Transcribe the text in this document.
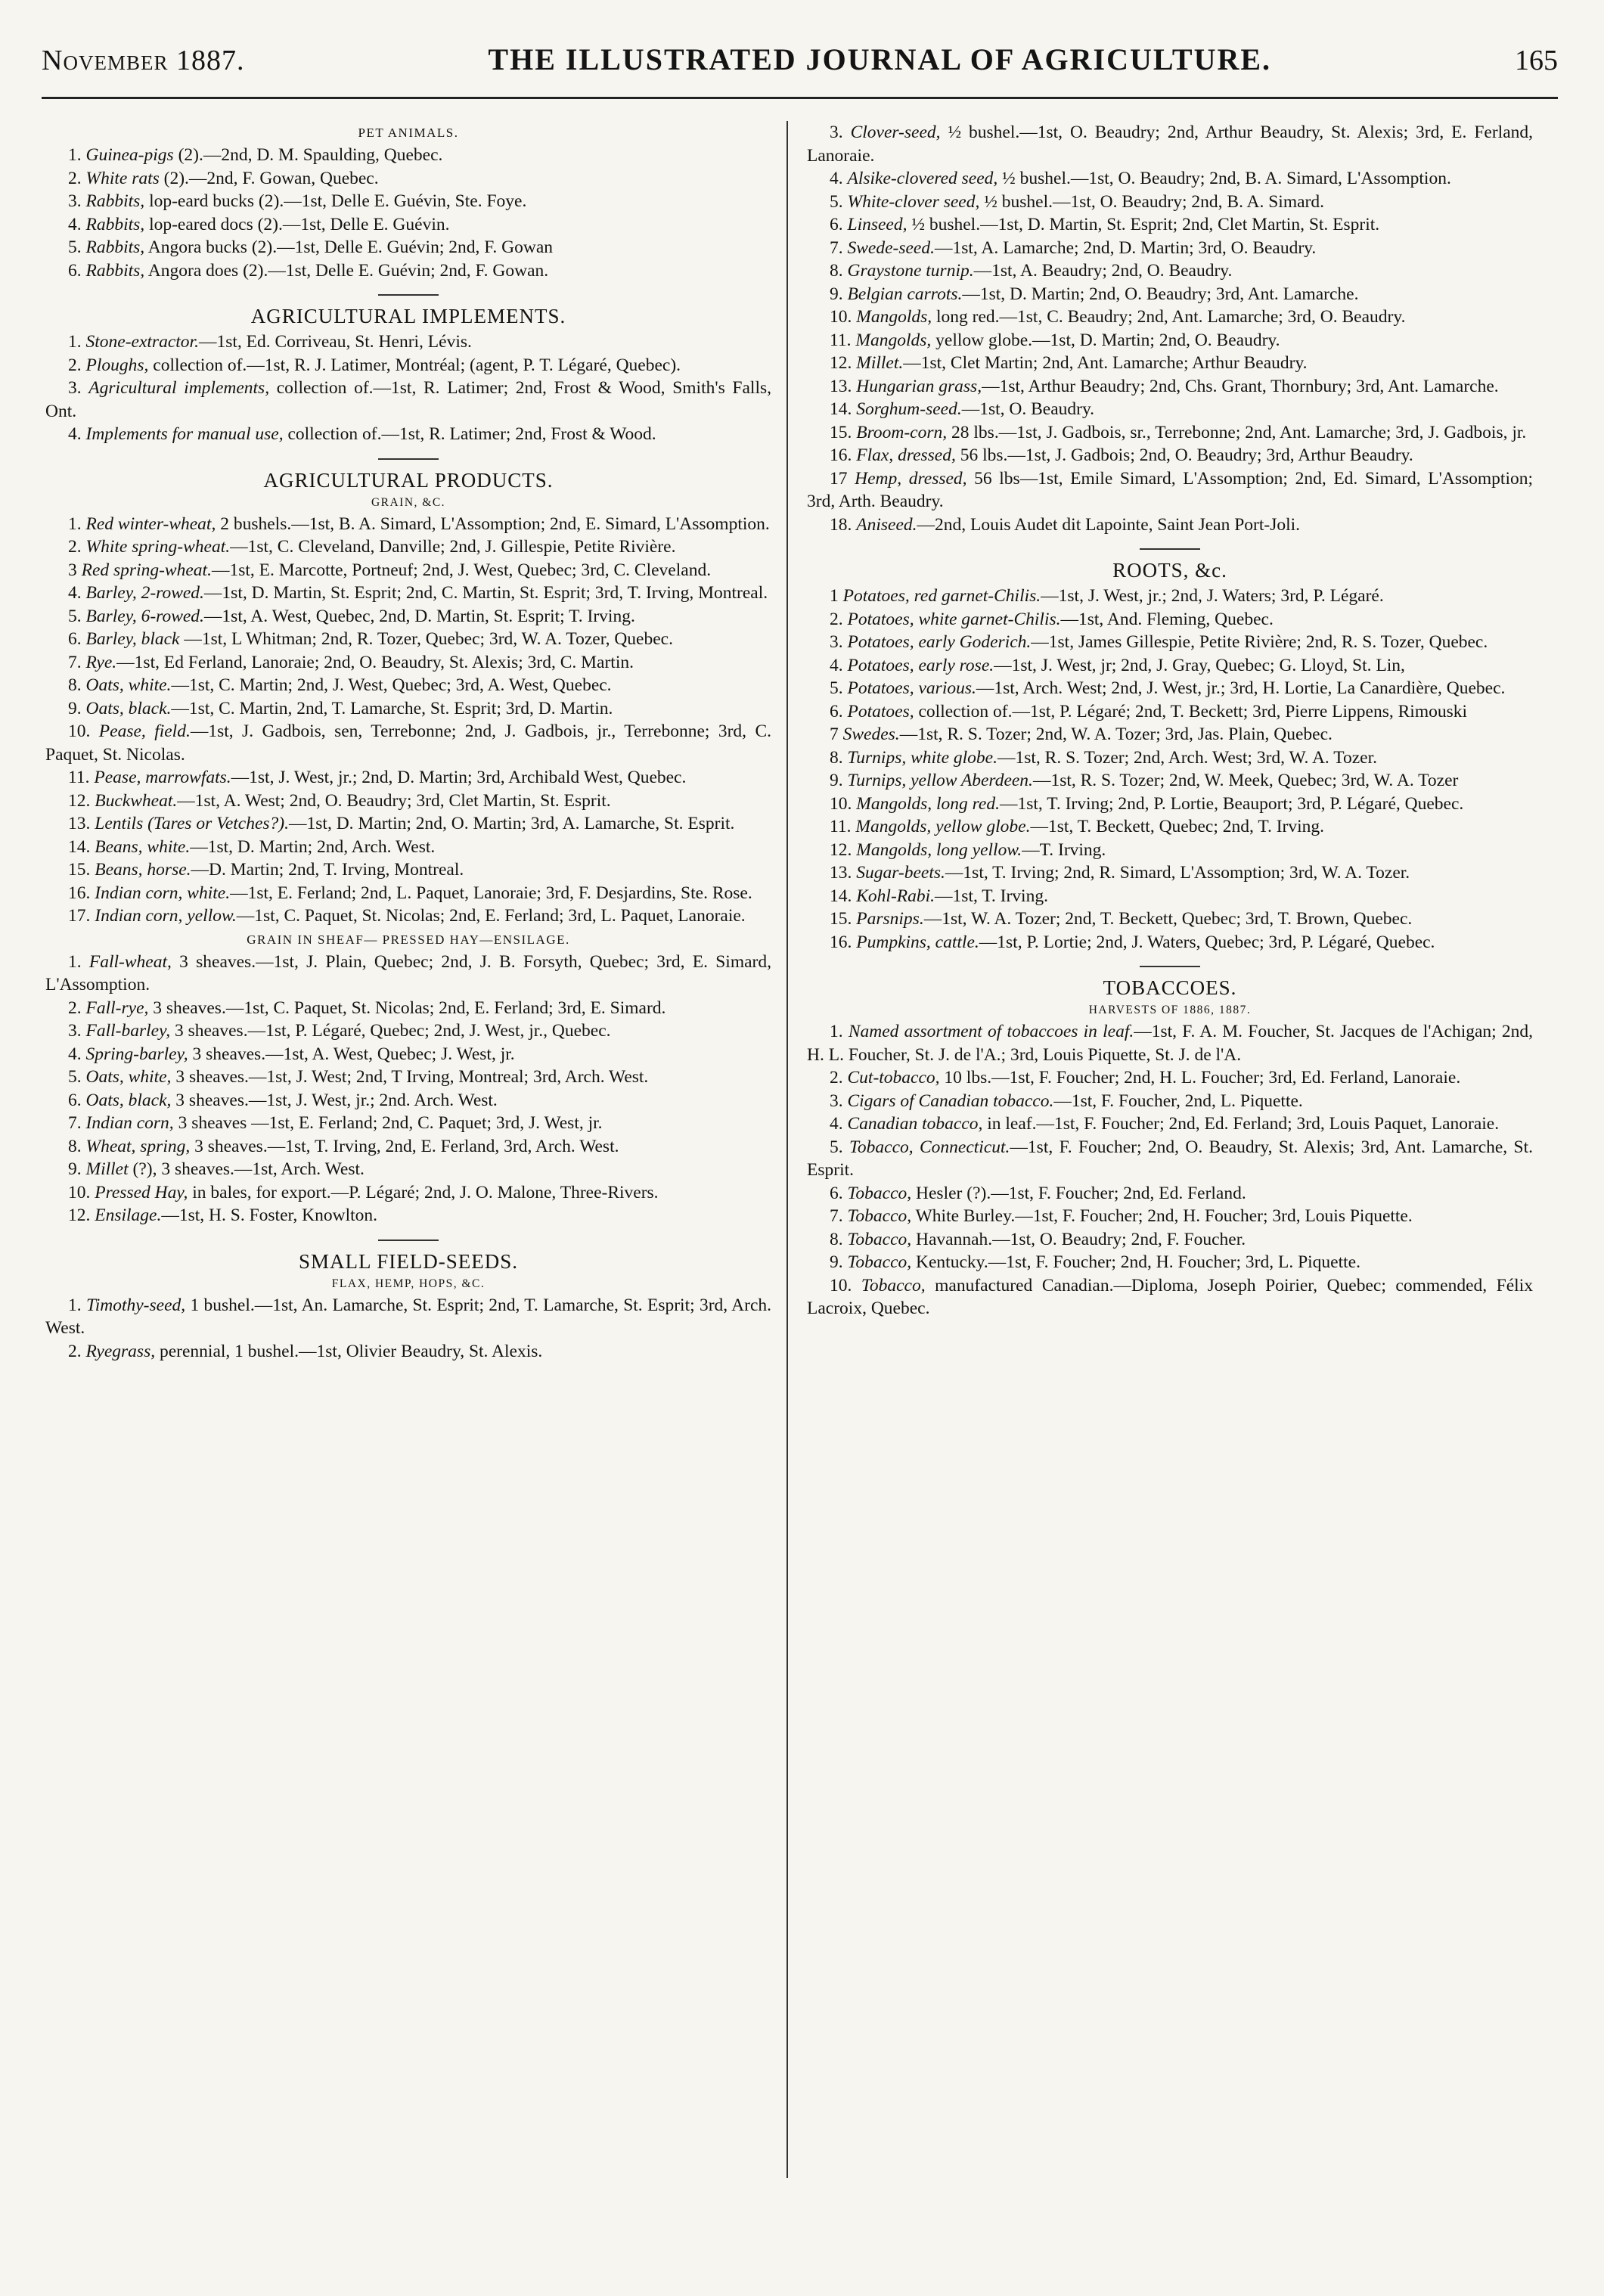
November 1887.	THE ILLUSTRATED JOURNAL OF AGRICULTURE.	165
PET ANIMALS.

1. Guinea-pigs (2).—2nd, D. M. Spaulding, Quebec.

2. White rats (2).—2nd, F. Gowan, Quebec.

3. Rabbits, lop-eard bucks (2).—1st, Delle E. Guévin, Ste. Foye.

4. Rabbits, lop-eared docs (2).—1st, Delle E. Guévin.

5. Rabbits, Angora bucks (2).—1st, Delle E. Guévin; 2nd, F. Gowan

6. Rabbits, Angora does (2).—1st, Delle E. Guévin; 2nd, F. Gowan.

AGRICULTURAL IMPLEMENTS.

1. Stone-extractor.—1st, Ed. Corriveau, St. Henri, Lévis.

2. Ploughs, collection of.—1st, R. J. Latimer, Montréal; (agent, P. T. Légaré, Quebec).

3. Agricultural implements, collection of.—1st, R. Latimer; 2nd, Frost & Wood, Smith's Falls, Ont.

4. Implements for manual use, collection of.—1st, R. Latimer; 2nd, Frost & Wood.

AGRICULTURAL PRODUCTS.
GRAIN, &C.

1. Red winter-wheat, 2 bushels.—1st, B. A. Simard, L'Assomption; 2nd, E. Simard, L'Assomption.

2. White spring-wheat.—1st, C. Cleveland, Danville; 2nd, J. Gillespie, Petite Rivière.

3 Red spring-wheat.—1st, E. Marcotte, Portneuf; 2nd, J. West, Quebec; 3rd, C. Cleveland.

4. Barley, 2-rowed.—1st, D. Martin, St. Esprit; 2nd, C. Martin, St. Esprit; 3rd, T. Irving, Montreal.

5. Barley, 6-rowed.—1st, A. West, Quebec, 2nd, D. Martin, St. Esprit; T. Irving.

6. Barley, black —1st, L Whitman; 2nd, R. Tozer, Quebec; 3rd, W. A. Tozer, Quebec.

7. Rye.—1st, Ed Ferland, Lanoraie; 2nd, O. Beaudry, St. Alexis; 3rd, C. Martin.

8. Oats, white.—1st, C. Martin; 2nd, J. West, Quebec; 3rd, A. West, Quebec.

9. Oats, black.—1st, C. Martin, 2nd, T. Lamarche, St. Esprit; 3rd, D. Martin.

10. Pease, field.—1st, J. Gadbois, sen, Terrebonne; 2nd, J. Gadbois, jr., Terrebonne; 3rd, C. Paquet, St. Nicolas.

11. Pease, marrowfats.—1st, J. West, jr.; 2nd, D. Martin; 3rd, Archibald West, Quebec.

12. Buckwheat.—1st, A. West; 2nd, O. Beaudry; 3rd, Clet Martin, St. Esprit.

13. Lentils (Tares or Vetches?).—1st, D. Martin; 2nd, O. Martin; 3rd, A. Lamarche, St. Esprit.

14. Beans, white.—1st, D. Martin; 2nd, Arch. West.

15. Beans, horse.—D. Martin; 2nd, T. Irving, Montreal.

16. Indian corn, white.—1st, E. Ferland; 2nd, L. Paquet, Lanoraie; 3rd, F. Desjardins, Ste. Rose.

17. Indian corn, yellow.—1st, C. Paquet, St. Nicolas; 2nd, E. Ferland; 3rd, L. Paquet, Lanoraie.

GRAIN IN SHEAF— PRESSED HAY—ENSILAGE.

1. Fall-wheat, 3 sheaves.—1st, J. Plain, Quebec; 2nd, J. B. Forsyth, Quebec; 3rd, E. Simard, L'Assomption.

2. Fall-rye, 3 sheaves.—1st, C. Paquet, St. Nicolas; 2nd, E. Ferland; 3rd, E. Simard.

3. Fall-barley, 3 sheaves.—1st, P. Légaré, Quebec; 2nd, J. West, jr., Quebec.

4. Spring-barley, 3 sheaves.—1st, A. West, Quebec; J. West, jr.

5. Oats, white, 3 sheaves.—1st, J. West; 2nd, T Irving, Montreal; 3rd, Arch. West.

6. Oats, black, 3 sheaves.—1st, J. West, jr.; 2nd. Arch. West.

7. Indian corn, 3 sheaves —1st, E. Ferland; 2nd, C. Paquet; 3rd, J. West, jr.

8. Wheat, spring, 3 sheaves.—1st, T. Irving, 2nd, E. Ferland, 3rd, Arch. West.

9. Millet (?), 3 sheaves.—1st, Arch. West.

10. Pressed Hay, in bales, for export.—P. Légaré; 2nd, J. O. Malone, Three-Rivers.

12. Ensilage.—1st, H. S. Foster, Knowlton.

SMALL FIELD-SEEDS.
FLAX, HEMP, HOPS, &C.

1. Timothy-seed, 1 bushel.—1st, An. Lamarche, St. Esprit; 2nd, T. Lamarche, St. Esprit; 3rd, Arch. West.

2. Ryegrass, perennial, 1 bushel.—1st, Olivier Beaudry, St. Alexis.

3. Clover-seed, ½ bushel.—1st, O. Beaudry; 2nd, Arthur Beaudry, St. Alexis; 3rd, E. Ferland, Lanoraie.

4. Alsike-clovered seed, ½ bushel.—1st, O. Beaudry; 2nd, B. A. Simard, L'Assomption.

5. White-clover seed, ½ bushel.—1st, O. Beaudry; 2nd, B. A. Simard.

6. Linseed, ½ bushel.—1st, D. Martin, St. Esprit; 2nd, Clet Martin, St. Esprit.

7. Swede-seed.—1st, A. Lamarche; 2nd, D. Martin; 3rd, O. Beaudry.

8. Graystone turnip.—1st, A. Beaudry; 2nd, O. Beaudry.

9. Belgian carrots.—1st, D. Martin; 2nd, O. Beaudry; 3rd, Ant. Lamarche.

10. Mangolds, long red.—1st, C. Beaudry; 2nd, Ant. Lamarche; 3rd, O. Beaudry.

11. Mangolds, yellow globe.—1st, D. Martin; 2nd, O. Beaudry.

12. Millet.—1st, Clet Martin; 2nd, Ant. Lamarche; Arthur Beaudry.

13. Hungarian grass,—1st, Arthur Beaudry; 2nd, Chs. Grant, Thornbury; 3rd, Ant. Lamarche.

14. Sorghum-seed.—1st, O. Beaudry.

15. Broom-corn, 28 lbs.—1st, J. Gadbois, sr., Terrebonne; 2nd, Ant. Lamarche; 3rd, J. Gadbois, jr.

16. Flax, dressed, 56 lbs.—1st, J. Gadbois; 2nd, O. Beaudry; 3rd, Arthur Beaudry.

17 Hemp, dressed, 56 lbs—1st, Emile Simard, L'Assomption; 2nd, Ed. Simard, L'Assomption; 3rd, Arth. Beaudry.

18. Aniseed.—2nd, Louis Audet dit Lapointe, Saint Jean Port-Joli.

ROOTS, &c.

1 Potatoes, red garnet-Chilis.—1st, J. West, jr.; 2nd, J. Waters; 3rd, P. Légaré.

2. Potatoes, white garnet-Chilis.—1st, And. Fleming, Quebec.

3. Potatoes, early Goderich.—1st, James Gillespie, Petite Rivière; 2nd, R. S. Tozer, Quebec.

4. Potatoes, early rose.—1st, J. West, jr; 2nd, J. Gray, Quebec; G. Lloyd, St. Lin,

5. Potatoes, various.—1st, Arch. West; 2nd, J. West, jr.; 3rd, H. Lortie, La Canardière, Quebec.

6. Potatoes, collection of.—1st, P. Légaré; 2nd, T. Beckett; 3rd, Pierre Lippens, Rimouski

7 Swedes.—1st, R. S. Tozer; 2nd, W. A. Tozer; 3rd, Jas. Plain, Quebec.

8. Turnips, white globe.—1st, R. S. Tozer; 2nd, Arch. West; 3rd, W. A. Tozer.

9. Turnips, yellow Aberdeen.—1st, R. S. Tozer; 2nd, W. Meek, Quebec; 3rd, W. A. Tozer

10. Mangolds, long red.—1st, T. Irving; 2nd, P. Lortie, Beauport; 3rd, P. Légaré, Quebec.

11. Mangolds, yellow globe.—1st, T. Beckett, Quebec; 2nd, T. Irving.

12. Mangolds, long yellow.—T. Irving.

13. Sugar-beets.—1st, T. Irving; 2nd, R. Simard, L'Assomption; 3rd, W. A. Tozer.

14. Kohl-Rabi.—1st, T. Irving.

15. Parsnips.—1st, W. A. Tozer; 2nd, T. Beckett, Quebec; 3rd, T. Brown, Quebec.

16. Pumpkins, cattle.—1st, P. Lortie; 2nd, J. Waters, Quebec; 3rd, P. Légaré, Quebec.

TOBACCOES.
HARVESTS OF 1886, 1887.

1. Named assortment of tobaccoes in leaf.—1st, F. A. M. Foucher, St. Jacques de l'Achigan; 2nd, H. L. Foucher, St. J. de l'A.; 3rd, Louis Piquette, St. J. de l'A.

2. Cut-tobacco, 10 lbs.—1st, F. Foucher; 2nd, H. L. Foucher; 3rd, Ed. Ferland, Lanoraie.

3. Cigars of Canadian tobacco.—1st, F. Foucher, 2nd, L. Piquette.

4. Canadian tobacco, in leaf.—1st, F. Foucher; 2nd, Ed. Ferland; 3rd, Louis Paquet, Lanoraie.

5. Tobacco, Connecticut.—1st, F. Foucher; 2nd, O. Beaudry, St. Alexis; 3rd, Ant. Lamarche, St. Esprit.

6. Tobacco, Hesler (?).—1st, F. Foucher; 2nd, Ed. Ferland.

7. Tobacco, White Burley.—1st, F. Foucher; 2nd, H. Foucher; 3rd, Louis Piquette.

8. Tobacco, Havannah.—1st, O. Beaudry; 2nd, F. Foucher.

9. Tobacco, Kentucky.—1st, F. Foucher; 2nd, H. Foucher; 3rd, L. Piquette.

10. Tobacco, manufactured Canadian.—Diploma, Joseph Poirier, Quebec; commended, Félix Lacroix, Quebec.
